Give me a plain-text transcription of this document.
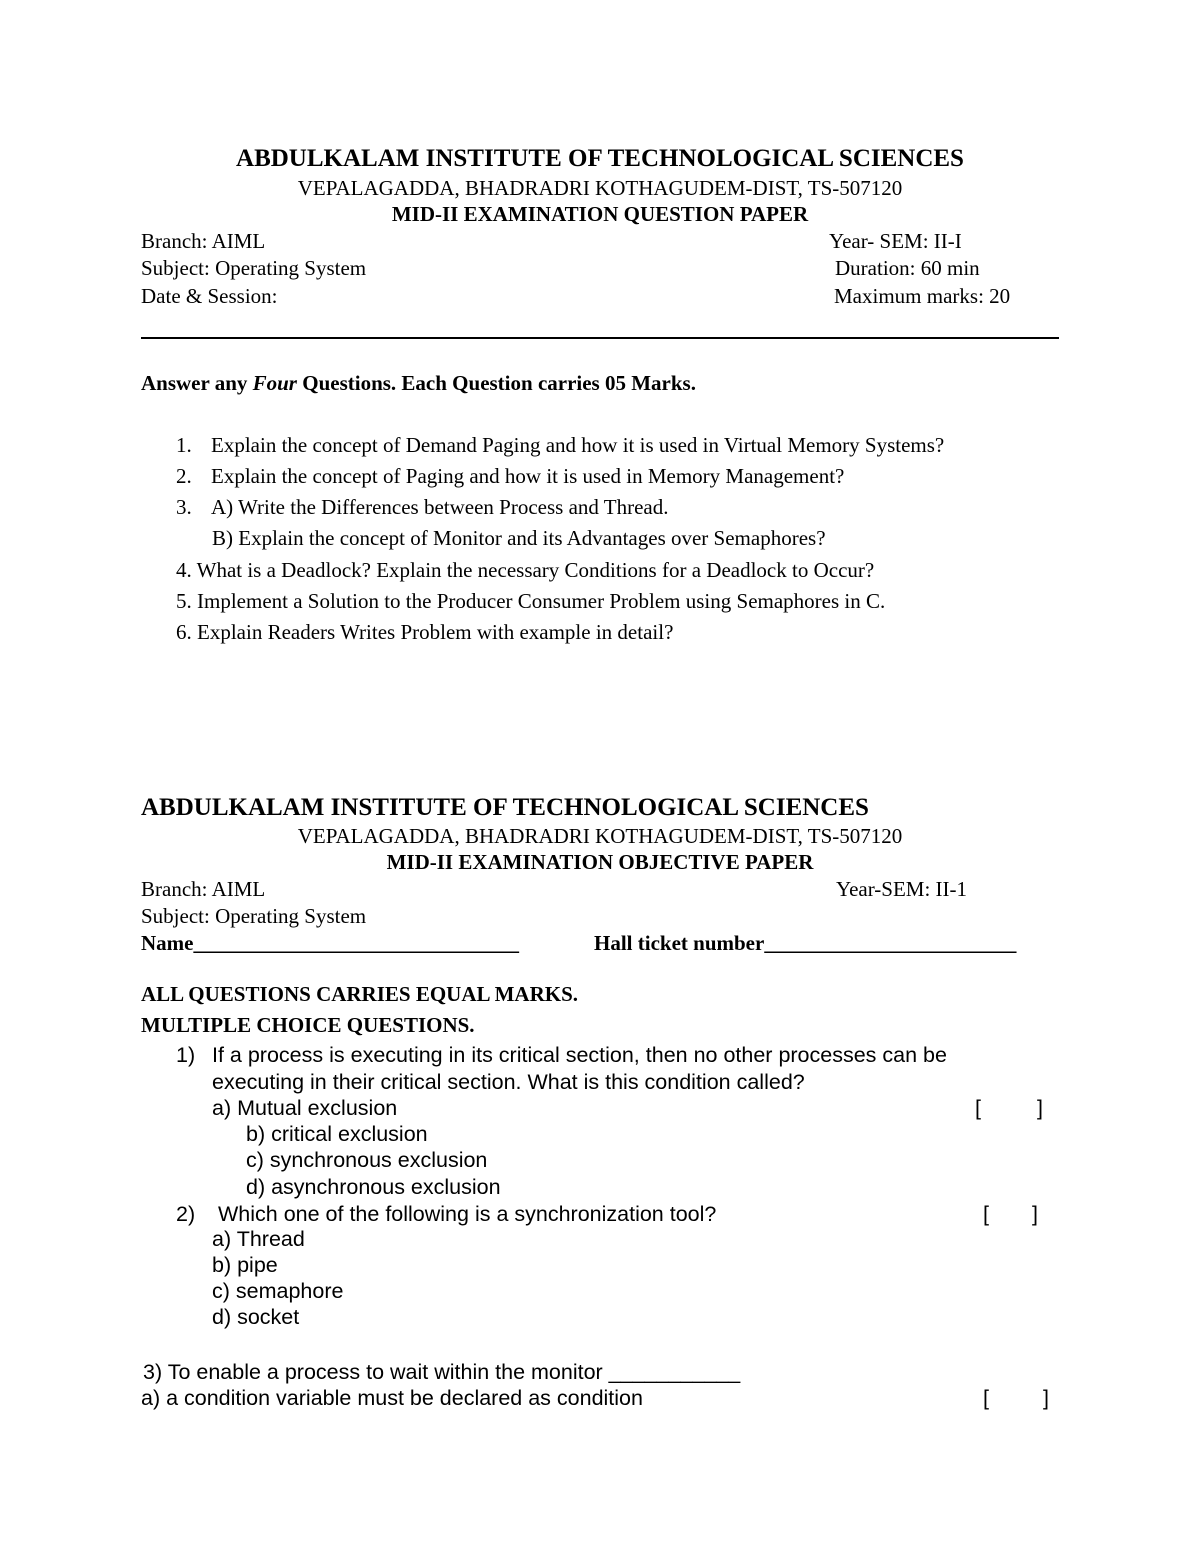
ABDULKALAM INSTITUTE OF TECHNOLOGICAL SCIENCES
VEPALAGADDA, BHADRADRI KOTHAGUDEM-DIST, TS-507120
MID-II EXAMINATION QUESTION PAPER
Branch: AIML	Year- SEM: II-I
Subject: Operating System	Duration: 60 min
Date & Session:	Maximum marks: 20
Answer any Four Questions. Each Question carries 05 Marks.
1. Explain the concept of Demand Paging and how it is used in Virtual Memory Systems?
2. Explain the concept of Paging and how it is used in Memory Management?
3. A) Write the Differences between Process and Thread.
B) Explain the concept of Monitor and its Advantages over Semaphores?
4. What is a Deadlock? Explain the necessary Conditions for a Deadlock to Occur?
5. Implement a Solution to the Producer Consumer Problem using Semaphores in C.
6. Explain Readers Writes Problem with example in detail?
ABDULKALAM INSTITUTE OF TECHNOLOGICAL SCIENCES
VEPALAGADDA, BHADRADRI KOTHAGUDEM-DIST, TS-507120
MID-II EXAMINATION OBJECTIVE PAPER
Branch: AIML	Year-SEM: II-1
Subject: Operating System
Name_______________________________	Hall ticket number________________________
ALL QUESTIONS CARRIES EQUAL MARKS.
MULTIPLE CHOICE QUESTIONS.
1) If a process is executing in its critical section, then no other processes can be
executing in their critical section. What is this condition called?
a) Mutual exclusion	[	]
b) critical exclusion
c) synchronous exclusion
d) asynchronous exclusion
2) Which one of the following is a synchronization tool?	[ ]
a) Thread
b) pipe
c) semaphore
d) socket
3) To enable a process to wait within the monitor ___________
a) a condition variable must be declared as condition	[	]
